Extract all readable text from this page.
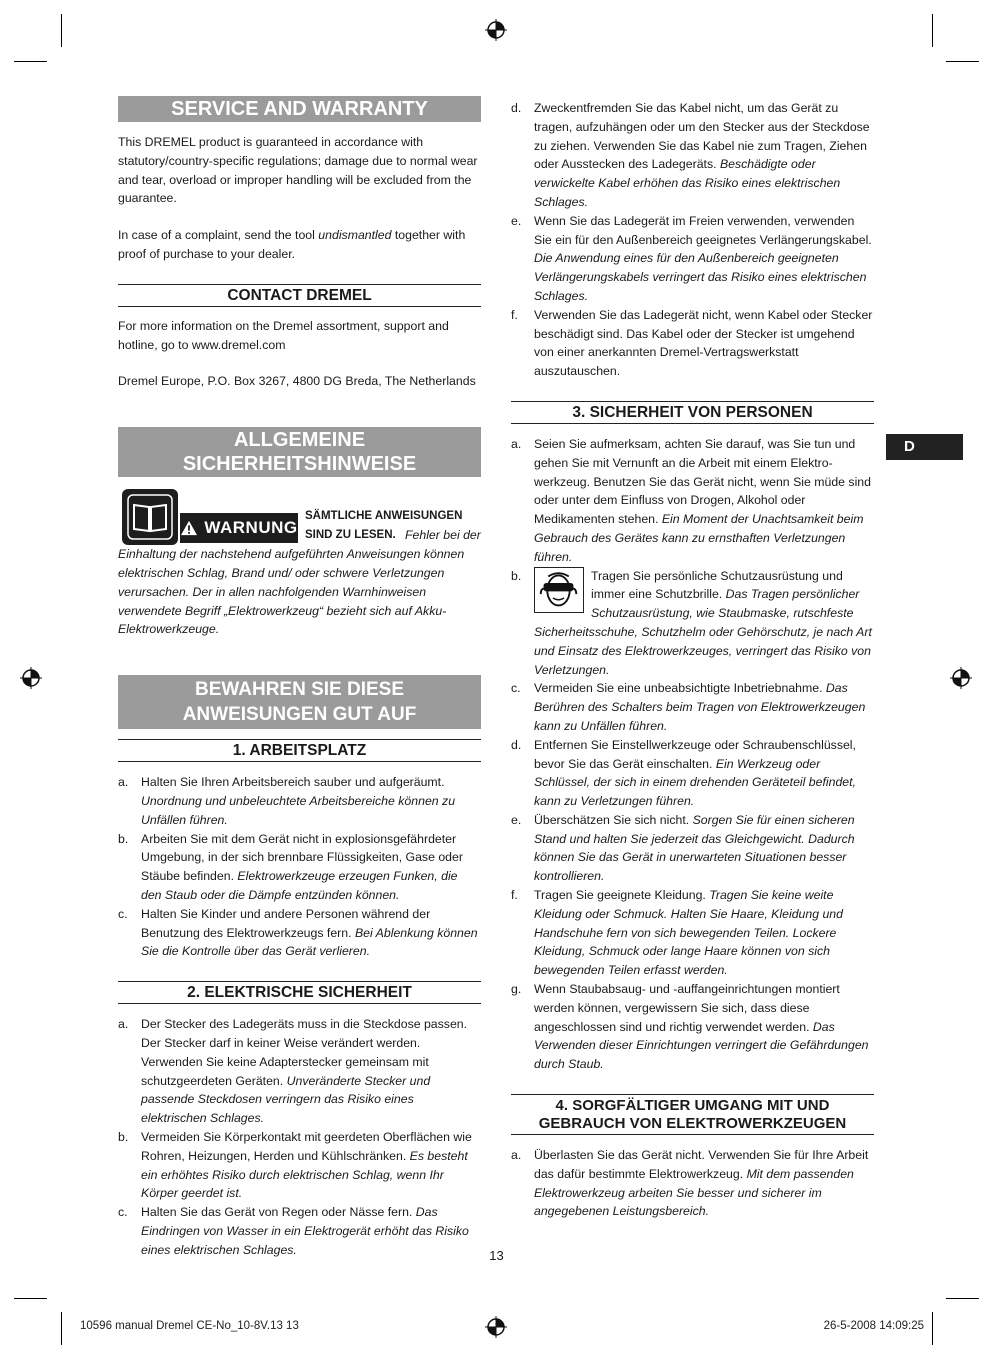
SERVICE AND WARRANTY

This DREMEL product is guaranteed in accordance with statutory/country-specific regulations; damage due to normal wear and tear, overload or improper handling will be excluded from the guarantee.

In case of a complaint, send the tool undismantled together with proof of purchase to your dealer.

CONTACT DREMEL

For more information on the Dremel assortment, support and hotline, go to www.dremel.com

Dremel Europe, P.O. Box 3267, 4800 DG Breda, The Netherlands

ALLGEMEINE SICHERHEITSHINWEISE
WARNUNG
SÄMTLICHE ANWEISUNGEN SIND ZU LESEN. Fehler bei der Einhaltung der nachstehend aufgeführten Anweisungen können elektrischen Schlag, Brand und/ oder schwere Verletzungen verursachen. Der in allen nachfolgenden Warnhinweisen verwendete Begriff „Elektrowerkzeug“ bezieht sich auf Akku-Elektrowerkzeuge.

BEWAHREN SIE DIESE ANWEISUNGEN GUT AUF
1. ARBEITSPLATZ
a. Halten Sie Ihren Arbeitsbereich sauber und aufgeräumt. Unordnung und unbeleuchtete Arbeitsbereiche können zu Unfällen führen.
b. Arbeiten Sie mit dem Gerät nicht in explosionsgefährdeter Umgebung, in der sich brennbare Flüssigkeiten, Gase oder Stäube befinden. Elektrowerkzeuge erzeugen Funken, die den Staub oder die Dämpfe entzünden können.
c. Halten Sie Kinder und andere Personen während der Benutzung des Elektrowerkzeugs fern. Bei Ablenkung können Sie die Kontrolle über das Gerät verlieren.
2. ELEKTRISCHE SICHERHEIT
a. Der Stecker des Ladegeräts muss in die Steckdose passen. Der Stecker darf in keiner Weise verändert werden. Verwenden Sie keine Adapterstecker gemeinsam mit schutzgeerdeten Geräten. Unveränderte Stecker und passende Steckdosen verringern das Risiko eines elektrischen Schlages.
b. Vermeiden Sie Körperkontakt mit geerdeten Oberflächen wie Rohren, Heizungen, Herden und Kühlschränken. Es besteht ein erhöhtes Risiko durch elektrischen Schlag, wenn Ihr Körper geerdet ist.
c. Halten Sie das Gerät von Regen oder Nässe fern. Das Eindringen von Wasser in ein Elektrogerät erhöht das Risiko eines elektrischen Schlages.
d. Zweckentfremden Sie das Kabel nicht, um das Gerät zu tragen, aufzuhängen oder um den Stecker aus der Steckdose zu ziehen. Verwenden Sie das Kabel nie zum Tragen, Ziehen oder Ausstecken des Ladegeräts. Beschädigte oder verwickelte Kabel erhöhen das Risiko eines elektrischen Schlages.
e. Wenn Sie das Ladegerät im Freien verwenden, verwenden Sie ein für den Außenbereich geeignetes Verlängerungskabel. Die Anwendung eines für den Außenbereich geeigneten Verlängerungskabels verringert das Risiko eines elektrischen Schlages.
f. Verwenden Sie das Ladegerät nicht, wenn Kabel oder Stecker beschädigt sind. Das Kabel oder der Stecker ist umgehend von einer anerkannten Dremel-Vertragswerkstatt auszutauschen.
3. SICHERHEIT VON PERSONEN
a. Seien Sie aufmerksam, achten Sie darauf, was Sie tun und gehen Sie mit Vernunft an die Arbeit mit einem Elektro-werkzeug. Benutzen Sie das Gerät nicht, wenn Sie müde sind oder unter dem Einfluss von Drogen, Alkohol oder Medikamenten stehen. Ein Moment der Unachtsamkeit beim Gebrauch des Gerätes kann zu ernsthaften Verletzungen führen.
b.	Tragen Sie persönliche Schutzausrüstung und immer eine Schutzbrille. Das Tragen persönlicher Schutzausrüstung, wie Staubmaske, rutschfeste Sicherheitsschuhe, Schutzhelm oder Gehörschutz, je nach Art und Einsatz des Elektrowerkzeuges, verringert das Risiko von Verletzungen.
c. Vermeiden Sie eine unbeabsichtigte Inbetriebnahme. Das Berühren des Schalters beim Tragen von Elektrowerkzeugen kann zu Unfällen führen.
d. Entfernen Sie Einstellwerkzeuge oder Schraubenschlüssel, bevor Sie das Gerät einschalten. Ein Werkzeug oder Schlüssel, der sich in einem drehenden Geräteteil befindet, kann zu Verletzungen führen.
e. Überschätzen Sie sich nicht. Sorgen Sie für einen sicheren Stand und halten Sie jederzeit das Gleichgewicht. Dadurch können Sie das Gerät in unerwarteten Situationen besser kontrollieren.
f. Tragen Sie geeignete Kleidung. Tragen Sie keine weite Kleidung oder Schmuck. Halten Sie Haare, Kleidung und Handschuhe fern von sich bewegenden Teilen. Lockere Kleidung, Schmuck oder lange Haare können von sich bewegenden Teilen erfasst werden.
g. Wenn Staubabsaug- und -auffangeinrichtungen montiert werden können, vergewissern Sie sich, dass diese angeschlossen sind und richtig verwendet werden. Das Verwenden dieser Einrichtungen verringert die Gefährdungen durch Staub.
4. SORGFÄLTIGER UMGANG MIT UND GEBRAUCH VON ELEKTROWERKZEUGEN
a. Überlasten Sie das Gerät nicht. Verwenden Sie für Ihre Arbeit das dafür bestimmte Elektrowerkzeug. Mit dem passenden Elektrowerkzeug arbeiten Sie besser und sicherer im angegebenen Leistungsbereich.
D
13
10596 manual Dremel CE-No_10-8V.13 13	26-5-2008 14:09:25
